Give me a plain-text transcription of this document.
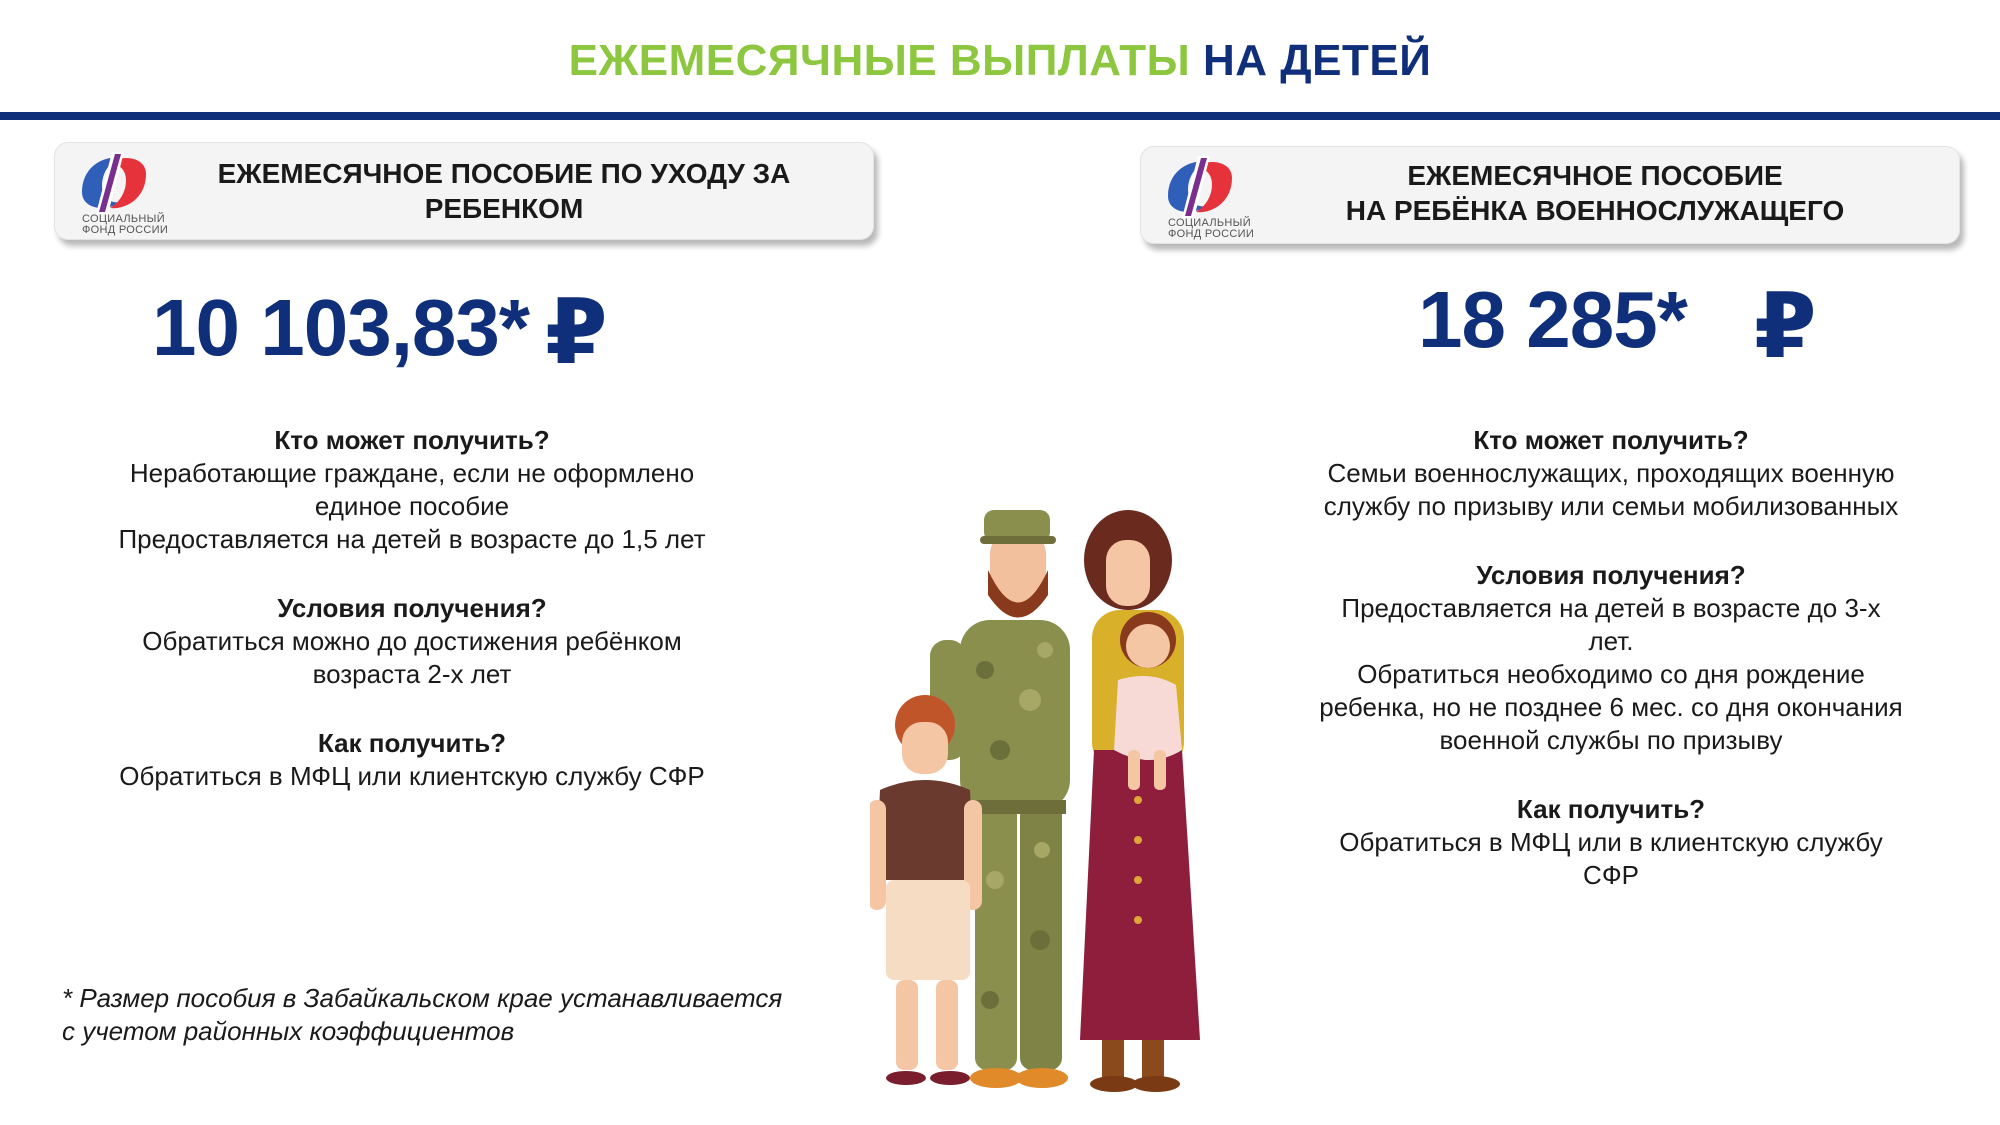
ЕЖЕМЕСЯЧНЫЕ ВЫПЛАТЫ НА ДЕТЕЙ
СОЦИАЛЬНЫЙ
ФОНД РОССИИ
ЕЖЕМЕСЯЧНОЕ ПОСОБИЕ ПО УХОДУ ЗА
РЕБЕНКОМ	СОЦИАЛЬНЫЙ
ФОНД РОССИИ
ЕЖЕМЕСЯЧНОЕ ПОСОБИЕ
НА РЕБЁНКА ВОЕННОСЛУЖАЩЕГО
10 103,83* ₽	18 285* ₽
Кто может получить?
Неработающие граждане, если не оформлено
единое пособие
Предоставляется на детей в возрасте до 1,5 лет
Условия получения?
Обратиться можно до достижения ребёнком
возраста 2-х лет
Как получить?
Обратиться в МФЦ или клиентскую службу СФР
Кто может получить?
Семьи военнослужащих, проходящих военную
службу по призыву или семьи мобилизованных
Условия получения?
Предоставляется на детей в возрасте до 3-х
лет.
Обратиться необходимо со дня рождение
ребенка, но не позднее 6 мес. со дня окончания
военной службы по призыву
Как получить?
Обратиться в МФЦ или в клиентскую службу
СФР
* Размер пособия в Забайкальском крае устанавливается
с учетом районных коэффициентов
